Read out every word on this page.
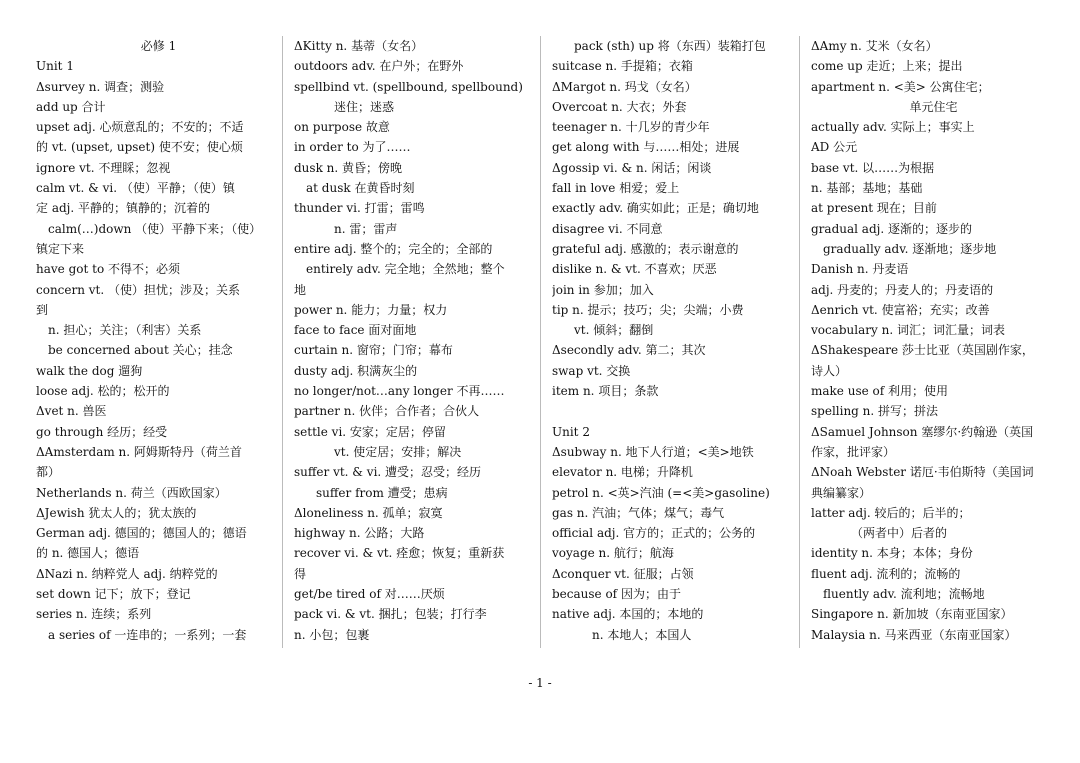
必修 1
Unit 1
Δsurvey n. 调查；测验
add up 合计
upset adj. 心烦意乱的；不安的；不适
的 vt. (upset, upset) 使不安；使心烦
ignore vt. 不理睬；忽视
calm vt. & vi. （使）平静；（使）镇
定 adj. 平静的；镇静的；沉着的
calm(…)down （使）平静下来；（使）
镇定下来
have got to 不得不；必须
concern vt. （使）担忧；涉及；关系
到
n. 担心；关注；（利害）关系
be concerned about 关心；挂念
walk the dog 遛狗
loose adj. 松的；松开的
Δvet n. 兽医
go through 经历；经受
ΔAmsterdam n. 阿姆斯特丹（荷兰首
都）
Netherlands n. 荷兰（西欧国家）
ΔJewish 犹太人的；犹太族的
German adj. 德国的；德国人的；德语
的 n. 德国人；德语
ΔNazi n. 纳粹党人 adj. 纳粹党的
set down 记下；放下；登记
series n. 连续；系列
a series of 一连串的；一系列；一套
ΔKitty n. 基蒂（女名）
outdoors adv. 在户外；在野外
spellbind vt. (spellbound, spellbound)
迷住；迷惑
on purpose 故意
in order to 为了……
dusk n. 黄昏；傍晚
at dusk 在黄昏时刻
thunder vi. 打雷；雷鸣
n. 雷；雷声
entire adj. 整个的；完全的；全部的
entirely adv. 完全地；全然地；整个
地
power n. 能力；力量；权力
face to face 面对面地
curtain n. 窗帘；门帘；幕布
dusty adj. 积满灰尘的
no longer/not…any longer 不再……
partner n. 伙伴；合作者；合伙人
settle vi. 安家；定居；停留
vt. 使定居；安排；解决
suffer vt. & vi. 遭受；忍受；经历
suffer from 遭受；患病
Δloneliness n. 孤单；寂寞
highway n. 公路；大路
recover vi. & vt. 痊愈；恢复；重新获
得
get/be tired of 对……厌烦
pack vi. & vt. 捆扎；包装；打行李
n. 小包；包裹
pack (sth) up 将（东西）装箱打包
suitcase n. 手提箱；衣箱
ΔMargot n. 玛戈（女名）
Overcoat n. 大衣；外套
teenager n. 十几岁的青少年
get along with 与……相处；进展
Δgossip vi. & n. 闲话；闲谈
fall in love 相爱；爱上
exactly adv. 确实如此；正是；确切地
disagree vi. 不同意
grateful adj. 感激的；表示谢意的
dislike n. & vt. 不喜欢；厌恶
join in 参加；加入
tip n. 提示；技巧；尖；尖端；小费
vt. 倾斜；翻倒
Δsecondly adv. 第二；其次
swap vt. 交换
item n. 项目；条款
Unit 2
Δsubway n. 地下人行道；<美>地铁
elevator n. 电梯；升降机
petrol n. <英>汽油 (=<美>gasoline)
gas n. 汽油；气体；煤气；毒气
official adj. 官方的；正式的；公务的
voyage n. 航行；航海
Δconquer vt. 征服；占领
because of 因为；由于
native adj. 本国的；本地的
n. 本地人；本国人
ΔAmy n. 艾米（女名）
come up 走近；上来；提出
apartment n. <美> 公寓住宅；
单元住宅
actually adv. 实际上；事实上
AD 公元
base vt. 以……为根据
n. 基部；基地；基础
at present 现在；目前
gradual adj. 逐渐的；逐步的
gradually adv. 逐渐地；逐步地
Danish n. 丹麦语
adj. 丹麦的；丹麦人的；丹麦语的
Δenrich vt. 使富裕；充实；改善
vocabulary n. 词汇；词汇量；词表
ΔShakespeare 莎士比亚（英国剧作家，
诗人）
make use of 利用；使用
spelling n. 拼写；拼法
ΔSamuel Johnson 塞缪尔·约翰逊（英国
作家，批评家）
ΔNoah Webster 诺厄·韦伯斯特（美国词
典编纂家）
latter adj. 较后的；后半的；
（两者中）后者的
identity n. 本身；本体；身份
fluent adj. 流利的；流畅的
fluently adv. 流利地；流畅地
Singapore n. 新加坡（东南亚国家）
Malaysia n. 马来西亚（东南亚国家）
- 1 -
